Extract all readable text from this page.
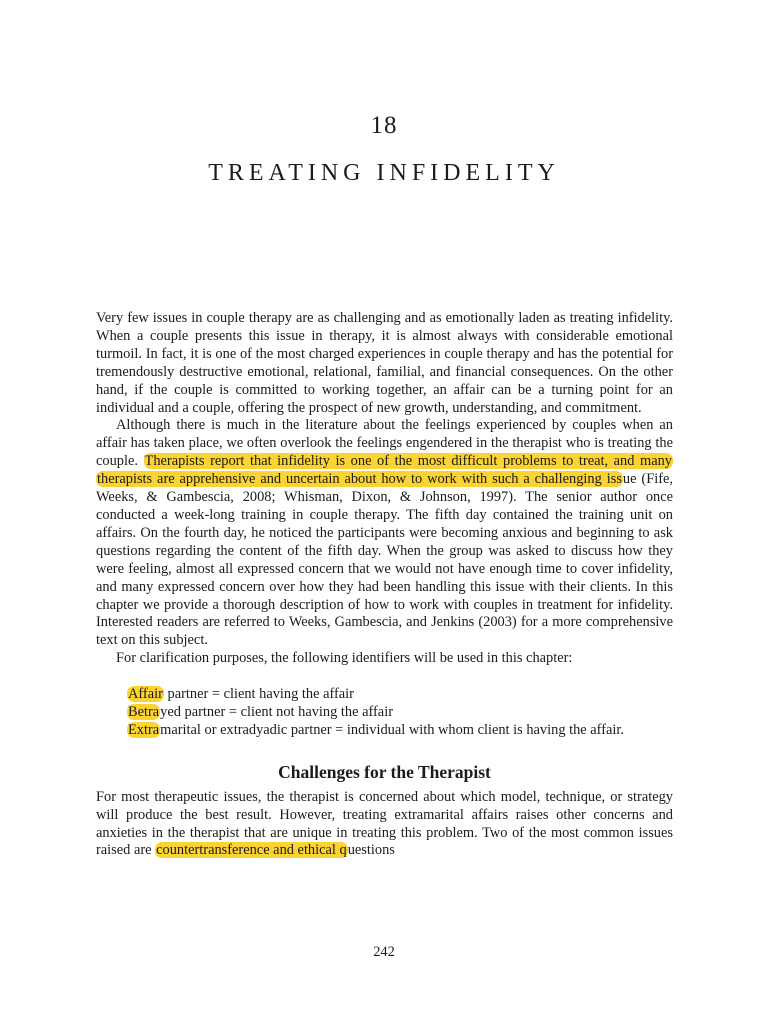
18
TREATING INFIDELITY

Very few issues in couple therapy are as challenging and as emotionally laden as treating infidelity. When a couple presents this issue in therapy, it is almost always with considerable emotional turmoil. In fact, it is one of the most charged experiences in couple therapy and has the potential for tremendously destructive emotional, relational, familial, and financial consequences. On the other hand, if the couple is committed to working together, an affair can be a turning point for an individual and a couple, offering the prospect of new growth, understanding, and commitment.

Although there is much in the literature about the feelings experienced by couples when an affair has taken place, we often overlook the feelings engendered in the therapist who is treating the couple. Therapists report that infidelity is one of the most difficult problems to treat, and many therapists are apprehensive and uncertain about how to work with such a challenging issue (Fife, Weeks, & Gambescia, 2008; Whisman, Dixon, & Johnson, 1997). The senior author once conducted a week-long training in couple therapy. The fifth day contained the training unit on affairs. On the fourth day, he noticed the participants were becoming anxious and beginning to ask questions regarding the content of the fifth day. When the group was asked to discuss how they were feeling, almost all expressed concern that we would not have enough time to cover infidelity, and many expressed concern over how they had been handling this issue with their clients. In this chapter we provide a thorough description of how to work with couples in treatment for infidelity. Interested readers are referred to Weeks, Gambescia, and Jenkins (2003) for a more comprehensive text on this subject.

For clarification purposes, the following identifiers will be used in this chapter:

Affair partner = client having the affair
Betrayed partner = client not having the affair
Extramarital or extradyadic partner = individual with whom client is having the affair.
Challenges for the Therapist

For most therapeutic issues, the therapist is concerned about which model, technique, or strategy will produce the best result. However, treating extramarital affairs raises other concerns and anxieties in the therapist that are unique in treating this problem. Two of the most common issues raised are countertransference and ethical questions

242
